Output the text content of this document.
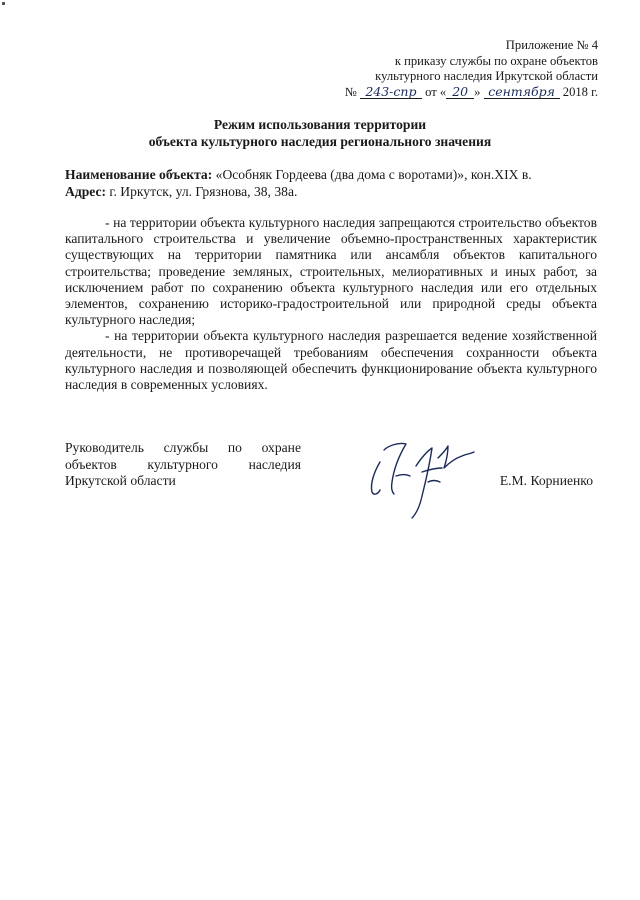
Приложение № 4
к приказу службы по охране объектов
культурного наследия Иркутской области
№ 243-спр от « 20 » сентября 2018 г.
Режим использования территории
объекта культурного наследия регионального значения
Наименование объекта: «Особняк Гордеева (два дома с воротами)», кон.XIX в.
Адрес: г. Иркутск, ул. Грязнова, 38, 38а.

- на территории объекта культурного наследия запрещаются строительство объектов капитального строительства и увеличение объемно-пространственных характеристик существующих на территории памятника или ансамбля объектов капитального строительства; проведение земляных, строительных, мелиоративных и иных работ, за исключением работ по сохранению объекта культурного наследия или его отдельных элементов, сохранению историко-градостроительной или природной среды объекта культурного наследия;

- на территории объекта культурного наследия разрешается ведение хозяйственной деятельности, не противоречащей требованиям обеспечения сохранности объекта культурного наследия и позволяющей обеспечить функционирование объекта культурного наследия в современных условиях.

Руководитель службы по охране объектов культурного наследия Иркутской области	Е.М. Корниенко
